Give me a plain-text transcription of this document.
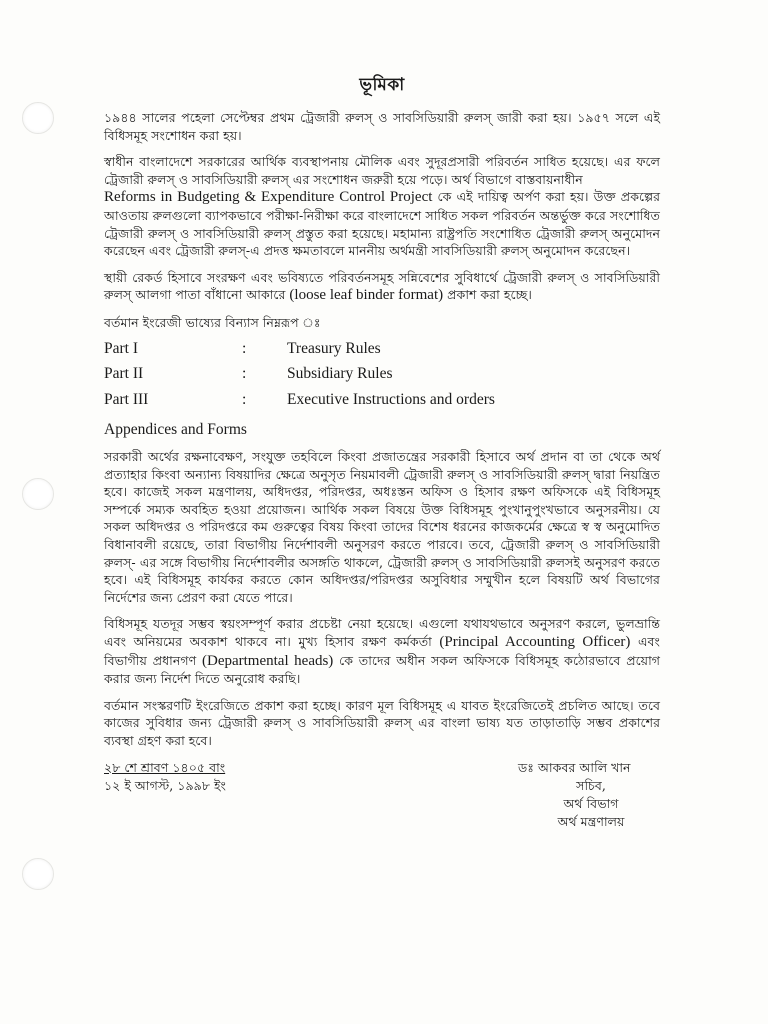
ভূমিকা

১৯৪৪ সালের পহেলা সেপ্টেম্বর প্রথম ট্রেজারী রুলস্ ও সাবসিডিয়ারী রুলস্ জারী করা হয়। ১৯৫৭ সলে এই বিধিসমূহ সংশোধন করা হয়।

স্বাধীন বাংলাদেশে সরকারের আর্থিক ব্যবস্থাপনায় মৌলিক এবং সুদূরপ্রসারী পরিবর্তন সাধিত হয়েছে। এর ফলে ট্রেজারী রুলস্ ও সাবসিডিয়ারী রুলস্ এর সংশোধন জরুরী হয়ে পড়ে। অর্থ বিভাগে বাস্তবায়নাধীন
Reforms in Budgeting & Expenditure Control Project কে এই দায়িত্ব অর্পণ করা হয়। উক্ত প্রকল্পের আওতায় রুলগুলো ব্যাপকভাবে পরীক্ষা-নিরীক্ষা করে বাংলাদেশে সাধিত সকল পরিবর্তন অন্তর্ভুক্ত করে সংশোধিত ট্রেজারী রুলস্ ও সাবসিডিয়ারী রুলস্ প্রস্তুত করা হয়েছে। মহামান্য রাষ্ট্রপতি সংশোধিত ট্রেজারী রুলস্ অনুমোদন করেছেন এবং ট্রেজারী রুলস্-এ প্রদত্ত ক্ষমতাবলে মাননীয় অর্থমন্ত্রী সাবসিডিয়ারী রুলস্ অনুমোদন করেছেন।

স্থায়ী রেকর্ড হিসাবে সংরক্ষণ এবং ভবিষ্যতে পরিবর্তনসমূহ সন্নিবেশের সুবিধার্থে ট্রেজারী রুলস্ ও সাবসিডিয়ারী রুলস্ আলগা পাতা বাঁধানো আকারে (loose leaf binder format) প্রকাশ করা হচ্ছে।

বর্তমান ইংরেজী ভাষ্যের বিন্যাস নিম্নরূপ ঃ

Part I	:	Treasury Rules
Part II	:	Subsidiary Rules
Part III	:	Executive Instructions and orders
Appendices and Forms

সরকারী অর্থের রক্ষনাবেক্ষণ, সংযুক্ত তহবিলে কিংবা প্রজাতন্ত্রের সরকারী হিসাবে অর্থ প্রদান বা তা থেকে অর্থ প্রত্যাহার কিংবা অন্যান্য বিষয়াদির ক্ষেত্রে অনুসৃত নিয়মাবলী ট্রেজারী রুলস্ ও সাবসিডিয়ারী রুলস্ দ্বারা নিয়ন্ত্রিত হবে। কাজেই সকল মন্ত্রণালয়, অধিদপ্তর, পরিদপ্তর, অধঃস্তন অফিস ও হিসাব রক্ষণ অফিসকে এই বিধিসমূহ সম্পর্কে সম্যক অবহিত হওয়া প্রয়োজন। আর্থিক সকল বিষয়ে উক্ত বিধিসমূহ পুংখানুপুংখভাবে অনুসরনীয়। যে সকল অধিদপ্তর ও পরিদপ্তরে কম গুরুত্বের বিষয় কিংবা তাদের বিশেষ ধরনের কাজকর্মের ক্ষেত্রে স্ব স্ব অনুমোদিত বিধানাবলী রয়েছে, তারা বিভাগীয় নির্দেশাবলী অনুসরণ করতে পারবে। তবে, ট্রেজারী রুলস্ ও সাবসিডিয়ারী রুলস্- এর সঙ্গে বিভাগীয় নির্দেশাবলীর অসঙ্গতি থাকলে, ট্রেজারী রুলস্ ও সাবসিডিয়ারী রুলসই অনুসরণ করতে হবে। এই বিধিসমূহ কার্যকর করতে কোন অধিদপ্তর/পরিদপ্তর অসুবিধার সম্মুখীন হলে বিষয়টি অর্থ বিভাগের নির্দেশের জন্য প্রেরণ করা যেতে পারে।

বিধিসমূহ যতদূর সম্ভব স্বয়ংসম্পূর্ণ করার প্রচেষ্টা নেয়া হয়েছে। এগুলো যথাযথভাবে অনুসরণ করলে, ভুলভ্রান্তি এবং অনিয়মের অবকাশ থাকবে না। মুখ্য হিসাব রক্ষণ কর্মকর্তা (Principal Accounting Officer) এবং বিভাগীয় প্রধানগণ (Departmental heads) কে তাদের অধীন সকল অফিসকে বিধিসমূহ কঠোরভাবে প্রয়োগ করার জন্য নির্দেশ দিতে অনুরোধ করছি।

বর্তমান সংস্করণটি ইংরেজিতে প্রকাশ করা হচ্ছে। কারণ মূল বিধিসমূহ এ যাবত ইংরেজিতেই প্রচলিত আছে। তবে কাজের সুবিধার জন্য ট্রেজারী রুলস্ ও সাবসিডিয়ারী রুলস্ এর বাংলা ভাষ্য যত তাড়াতাড়ি সম্ভব প্রকাশের ব্যবস্থা গ্রহণ করা হবে।

২৮ শে শ্রাবণ ১৪০৫ বাং
১২ ই আগস্ট, ১৯৯৮ ইং
ডঃ আকবর আলি খান
সচিব,
অর্থ বিভাগ
অর্থ মন্ত্রণালয়
